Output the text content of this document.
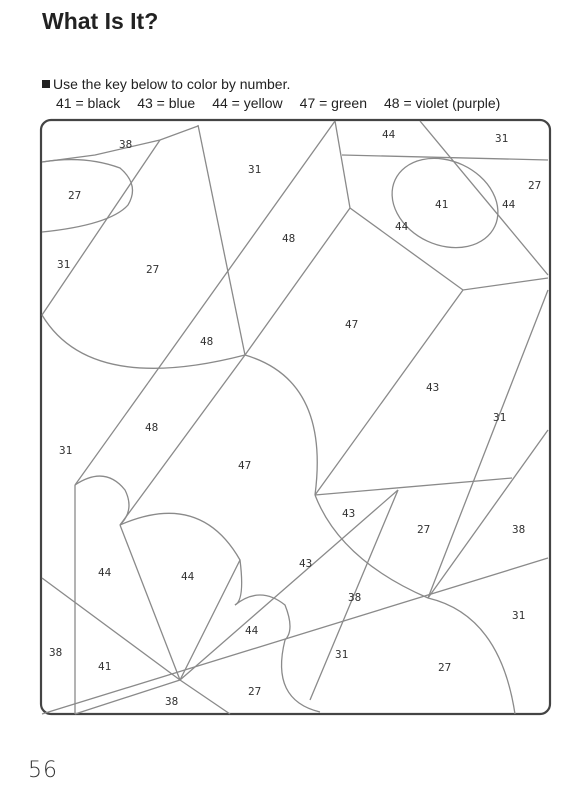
What Is It?
Use the key below to color by number.
41 = black 43 = blue 44 = yellow 47 = green 48 = violet (purple)
38
44	31
27
31
27
41	44
44
48
31	27
47
48
43
48
31
31
47
43
27	38
43
44	44
38
44
31
38
41
31
27
27
38
56
